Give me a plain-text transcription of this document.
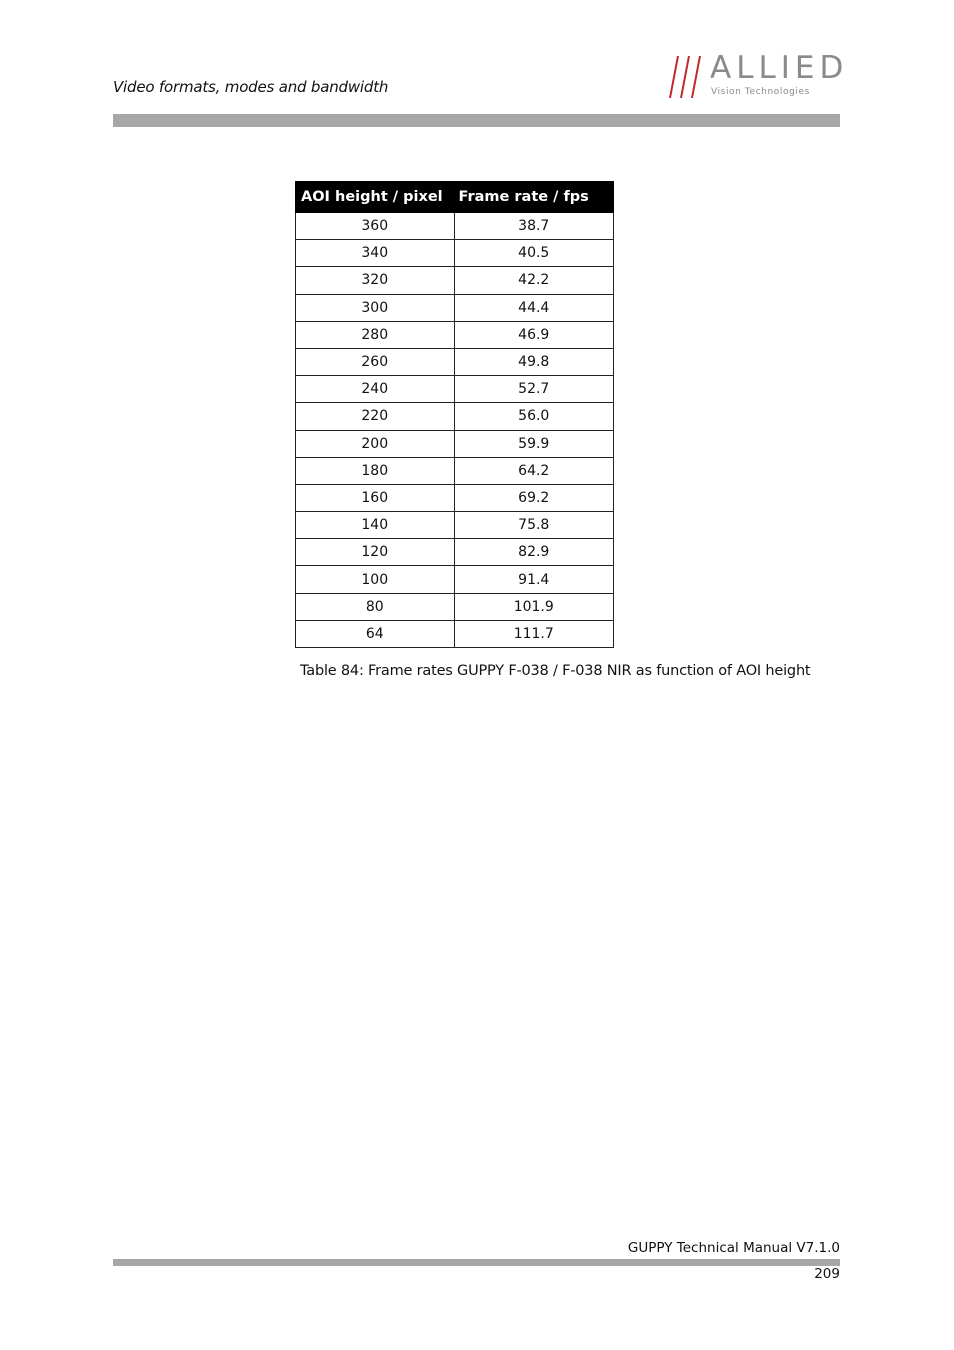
Video formats, modes and bandwidth
ALLIED
Vision Technologies
AOI height / pixel	Frame rate / fps
360	38.7
340	40.5
320	42.2
300	44.4
280	46.9
260	49.8
240	52.7
220	56.0
200	59.9
180	64.2
160	69.2
140	75.8
120	82.9
100	91.4
80	101.9
64	111.7
Table 84: Frame rates GUPPY F-038 / F-038 NIR as function of AOI height
GUPPY Technical Manual V7.1.0
209
